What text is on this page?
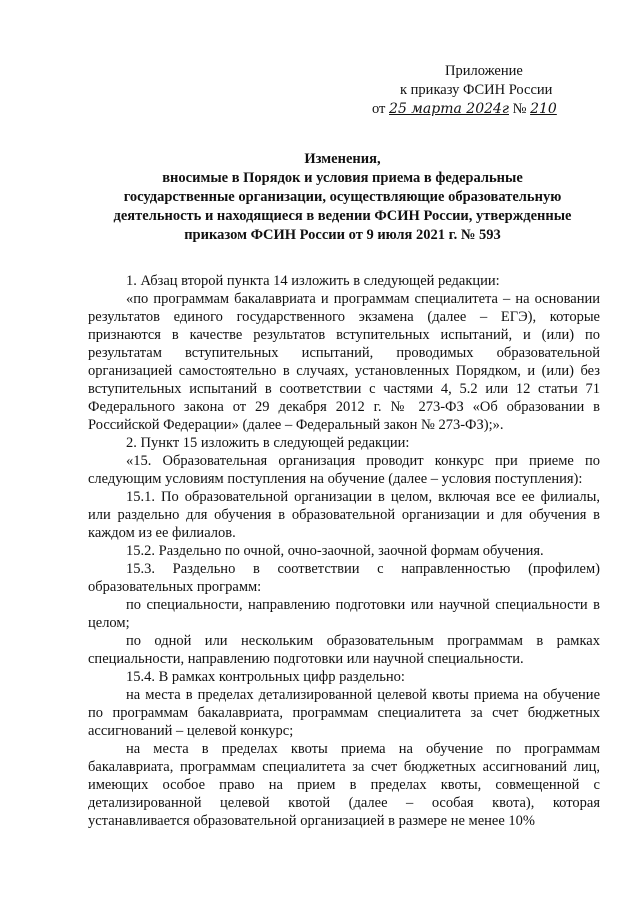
Приложение
к приказу ФСИН России
от 25 марта 2024г № 210
Изменения,
вносимые в Порядок и условия приема в федеральные
государственные организации, осуществляющие образовательную
деятельность и находящиеся в ведении ФСИН России, утвержденные
приказом ФСИН России от 9 июля 2021 г. № 593

1. Абзац второй пункта 14 изложить в следующей редакции:

«по программам бакалавриата и программам специалитета – на основании результатов единого государственного экзамена (далее – ЕГЭ), которые признаются в качестве результатов вступительных испытаний, и (или) по результатам вступительных испытаний, проводимых образовательной организацией самостоятельно в случаях, установленных Порядком, и (или) без вступительных испытаний в соответствии с частями 4, 5.2 или 12 статьи 71 Федерального закона от 29 декабря 2012 г. № 273-ФЗ «Об образовании в Российской Федерации» (далее – Федеральный закон № 273-ФЗ);».

2. Пункт 15 изложить в следующей редакции:

«15. Образовательная организация проводит конкурс при приеме по следующим условиям поступления на обучение (далее – условия поступления):

15.1. По образовательной организации в целом, включая все ее филиалы, или раздельно для обучения в образовательной организации и для обучения в каждом из ее филиалов.

15.2. Раздельно по очной, очно-заочной, заочной формам обучения.

15.3. Раздельно в соответствии с направленностью (профилем) образовательных программ:

по специальности, направлению подготовки или научной специальности в целом;

по одной или нескольким образовательным программам в рамках специальности, направлению подготовки или научной специальности.

15.4. В рамках контрольных цифр раздельно:

на места в пределах детализированной целевой квоты приема на обучение по программам бакалавриата, программам специалитета за счет бюджетных ассигнований – целевой конкурс;

на места в пределах квоты приема на обучение по программам бакалавриата, программам специалитета за счет бюджетных ассигнований лиц, имеющих особое право на прием в пределах квоты, совмещенной с детализированной целевой квотой (далее – особая квота), которая устанавливается образовательной организацией в размере не менее 10%
